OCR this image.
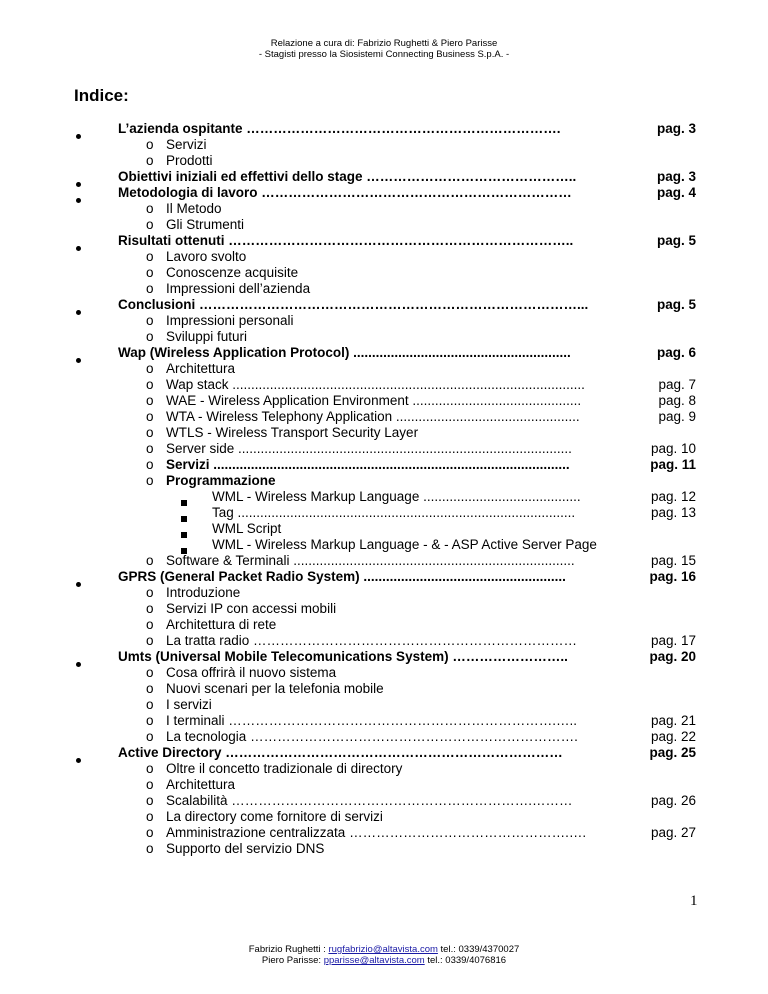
Relazione a cura di: Fabrizio Rughetti & Piero Parisse
- Stagisti presso la Siosistemi Connecting Business S.p.A. -
Indice:
L’azienda ospitante …………………………………………………………….	pag. 3
o Servizi
o Prodotti
Obiettivi iniziali ed effettivi dello stage ………………………………………..	pag. 3
Metodologia di lavoro ……………………………………………………………	pag. 4
o Il Metodo
o Gli Strumenti
Risultati ottenuti …………………………………………………………………..	pag. 5
o Lavoro svolto
o Conoscenze acquisite
o Impressioni dell’azienda
Conclusioni …………………………………………………………………………...	pag. 5
o Impressioni personali
o Sviluppi futuri
Wap (Wireless Application Protocol) ..........................................................	pag. 6
o Architettura
o Wap stack ..............................................................................................	pag. 7
o WAE - Wireless Application Environment .............................................	pag. 8
o WTA - Wireless Telephony Application .................................................	pag. 9
o WTLS - Wireless Transport Security Layer
o Server side .........................................................................................	pag. 10
o Servizi ...............................................................................................	pag. 11
o Programmazione
WML - Wireless Markup Language ..........................................	pag. 12
Tag ..........................................................................................	pag. 13
WML Script
WML - Wireless Markup Language - & - ASP Active Server Page
o Software & Terminali ...........................................................................	pag. 15
GPRS (General Packet Radio System) ......................................................	pag. 16
o Introduzione
o Servizi IP con accessi mobili
o Architettura di rete
o La tratta radio ………………………………………………………………	pag. 17
Umts (Universal Mobile Telecomunications System) ……………………..	pag. 20
o Cosa offrirà il nuovo sistema
o Nuovi scenari per la telefonia mobile
o I servizi
o I terminali ……………………………………………………………….…..	pag. 21
o La tecnologia ……………………………………………………………….	pag. 22
Active Directory …………………………………………………………………	pag. 25
o Oltre il concetto tradizionale di directory
o Architettura
o Scalabilità ………………………………………………………….………	pag. 26
o La directory come fornitore di servizi
o Amministrazione centralizzata ………………………………………….….	pag. 27
o Supporto del servizio DNS
1
Fabrizio Rughetti : rugfabrizio@altavista.com tel.: 0339/4370027
Piero Parisse: pparisse@altavista.com tel.: 0339/4076816
